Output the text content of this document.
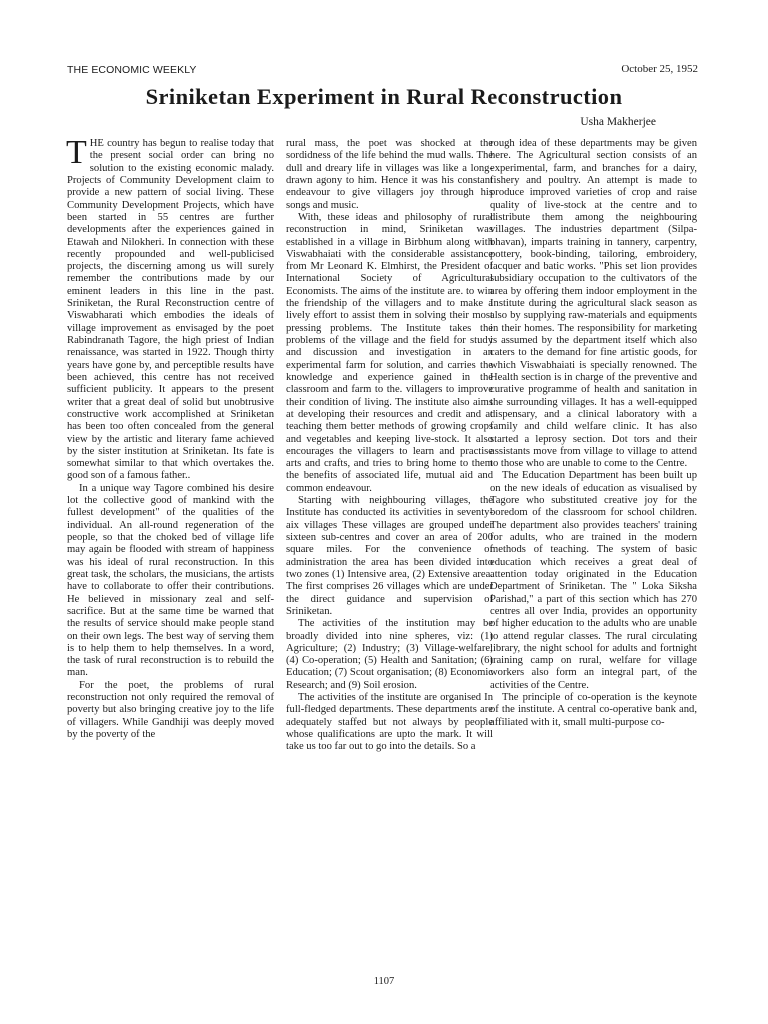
THE ECONOMIC WEEKLY	October 25, 1952
Sriniketan Experiment in Rural Reconstruction
Usha Makherjee

THE country has begun to realise today that the present social order can bring no solution to the existing economic malady. Projects of Community Development claim to provide a new pattern of social living. These Community Development Projects, which have been started in 55 centres are further developments after the experiences gained in Etawah and Nilokheri. In connection with these recently propounded and well-publicised projects, the discerning among us will surely remember the contributions made by our eminent leaders in this line in the past. Sriniketan, the Rural Reconstruction centre of Viswabharati which embodies the ideals of village improvement as envisaged by the poet Rabindranath Tagore, the high priest of Indian renaissance, was started in 1922. Though thirty years have gone by, and perceptible results have been achieved, this centre has not received sufficient publicity. It appears to the present writer that a great deal of solid but unobtrusive constructive work accomplished at Sriniketan has been too often concealed from the general view by the artistic and literary fame achieved by the sister institution at Sriniketan. Its fate is somewhat similar to that which overtakes the. good son of a famous father..

In a unique way Tagore combined his desire lot the collective good of mankind with the fullest development" of the qualities of the individual. An all-round regeneration of the people, so that the choked bed of village life may again be flooded with stream of happiness was his ideal of rural reconstruction. In this great task, the scholars, the musicians, the artists have to collaborate to offer their contributions. He believed in missionary zeal and self-sacrifice. But at the same time be warned that the results of service should make people stand on their own legs. The best way of serving them is to help them to help themselves. In a word, the task of rural reconstruction is to rebuild the man.

For the poet, the problems of rural reconstruction not only required the removal of poverty but also bringing creative joy to the life of villagers. While Gandhiji was deeply moved by the poverty of the

rural mass, the poet was shocked at the sordidness of the life behind the mud walls. The dull and dreary life in villages was like a long-drawn agony to him. Hence it was his constant endeavour to give villagers joy through his songs and music.

With, these ideas and philosophy of rural reconstruction in mind, Sriniketan was established in a village in Birbhum along with Viswabhaiati with the considerable assistance from Mr Leonard K. Elmhirst, the President of International Society of Agricultural Economists. The aims of the institute are. to win the friendship of the villagers and to make a lively effort to assist them in solving their most pressing problems. The Institute takes the problems of the village and the field for study and discussion and investigation in an experimental farm for solution, and carries the knowledge and experience gained in the classroom and farm to the. villagers to improve their condition of living. The institute also aims at developing their resources and credit and at teaching them better methods of growing crops and vegetables and keeping live-stock. It also encourages the villagers to learn and practise arts and crafts, and tries to bring home to them the benefits of associated life, mutual aid and common endeavour.

Starting with neighbouring villages, the Institute has conducted its activities in seventy-aix villages These villages are grouped under sixteen sub-centres and cover an area of 200 square miles. For the convenience of administration the area has been divided into two zones (1) Intensive area, (2) Extensive area. The first comprises 26 villages which are under the direct guidance and supervision of Sriniketan.

The activities of the institution may be broadly divided into nine spheres, viz: (1) Agriculture; (2) Industry; (3) Village-welfare; (4) Co-operation; (5) Health and Sanitation; (6) Education; (7) Scout organisation; (8) Economic Research; and (9) Soil erosion.

The activities of the institute are organised In full-fledged departments. These departments are adequately staffed but not always by people whose qualifications are upto the mark. It will take us too far out to go into the details. So a

rough idea of these departments may be given here. The Agricultural section consists of an experimental, farm, and branches for a dairy, fishery and poultry. An attempt is made to produce improved varieties of crop and raise quality of live-stock at the centre and to distribute them among the neighbouring villages. The industries department (Silpa-bhavan), imparts training in tannery, carpentry, pottery, book-binding, tailoring, embroidery, lacquer and batic works. "Phis set lion provides subsidiary occupation to the cultivators of the area by offering them indoor employment in the Institute during the agricultural slack season as also by supplying raw-materials and equipments in their homes. The responsibility for marketing is assumed by the department itself which also caters to the demand for fine artistic goods, for which Viswabhaiati is specially renowned. The Health section is in charge of the preventive and curative programme of health and sanitation in the surrounding villages. It has a well-equipped dispensary, and a clinical laboratory with a family and child welfare clinic. It has also started a leprosy section. Dot tors and their assistants move from village to village to attend to those who are unable to come to the Centre.

The Education Department has been built up on the new ideals of education as visualised by Tagore who substituted creative joy for the boredom of the classroom for school children. The department also provides teachers' training for adults, who are trained in the modern methods of teaching. The system of basic education which receives a great deal of attention today originated in the Education Department of Sriniketan. The " Loka Siksha Parishad," a part of this section which has 270 centres all over India, provides an opportunity of higher education to the adults who are unable to attend regular classes. The rural circulating library, the night school for adults and fortnight training camp on rural, welfare for village workers also form an integral part, of the activities of the Centre.

The principle of co-operation is the keynote of the institute. A central co-operative bank and, affiliated with it, small multi-purpose co-

1107
